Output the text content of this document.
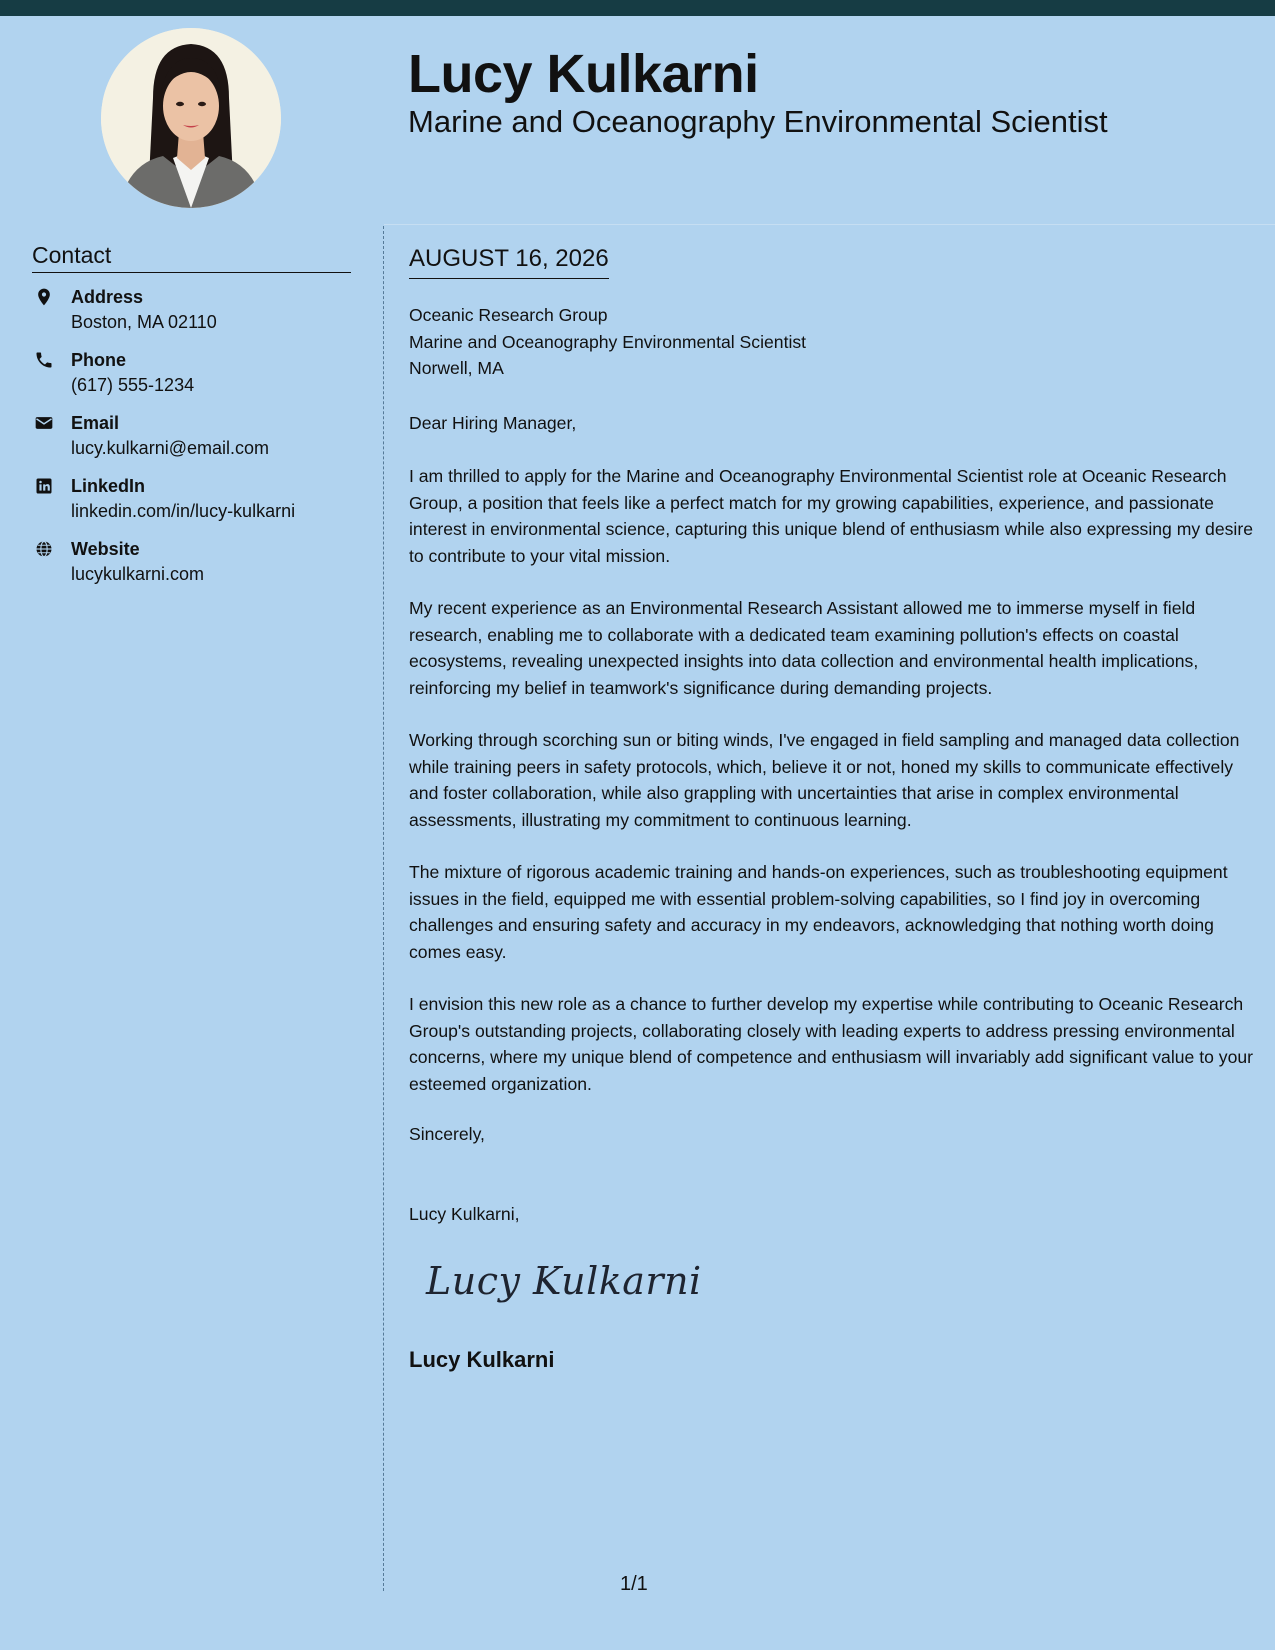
Lucy Kulkarni
Marine and Oceanography Environmental Scientist
Contact
Address
Boston, MA 02110
Phone
(617) 555-1234
Email
lucy.kulkarni@email.com
LinkedIn
linkedin.com/in/lucy-kulkarni
Website
lucykulkarni.com
AUGUST 16, 2026
Oceanic Research Group
Marine and Oceanography Environmental Scientist
Norwell, MA
Dear Hiring Manager,

I am thrilled to apply for the Marine and Oceanography Environmental Scientist role at Oceanic Research Group, a position that feels like a perfect match for my growing capabilities, experience, and passionate interest in environmental science, capturing this unique blend of enthusiasm while also expressing my desire to contribute to your vital mission.

My recent experience as an Environmental Research Assistant allowed me to immerse myself in field research, enabling me to collaborate with a dedicated team examining pollution's effects on coastal ecosystems, revealing unexpected insights into data collection and environmental health implications, reinforcing my belief in teamwork's significance during demanding projects.

Working through scorching sun or biting winds, I've engaged in field sampling and managed data collection while training peers in safety protocols, which, believe it or not, honed my skills to communicate effectively and foster collaboration, while also grappling with uncertainties that arise in complex environmental assessments, illustrating my commitment to continuous learning.

The mixture of rigorous academic training and hands-on experiences, such as troubleshooting equipment issues in the field, equipped me with essential problem-solving capabilities, so I find joy in overcoming challenges and ensuring safety and accuracy in my endeavors, acknowledging that nothing worth doing comes easy.

I envision this new role as a chance to further develop my expertise while contributing to Oceanic Research Group's outstanding projects, collaborating closely with leading experts to address pressing environmental concerns, where my unique blend of competence and enthusiasm will invariably add significant value to your esteemed organization.

Sincerely,
Lucy Kulkarni,
Lucy Kulkarni
Lucy Kulkarni
1/1
